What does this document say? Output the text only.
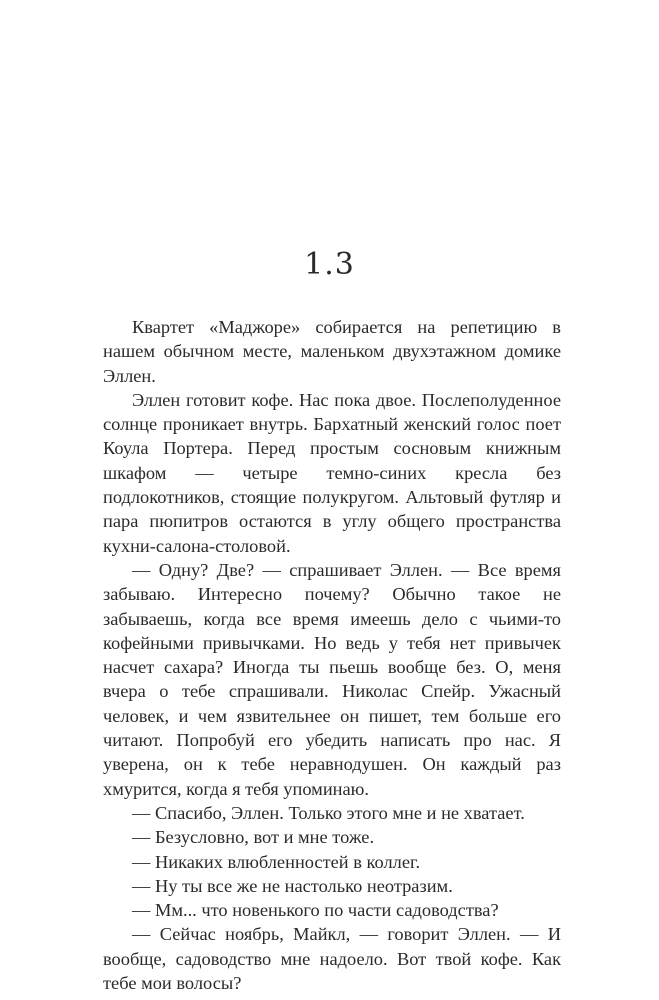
1.3

Квартет «Маджоре» собирается на репетицию в нашем обычном месте, маленьком двухэтажном домике Эллен.

Эллен готовит кофе. Нас пока двое. Послеполуденное солнце проникает внутрь. Бархатный женский голос поет Коула Портера. Перед простым сосновым книжным шкафом — четыре темно-синих кресла без подлокотников, стоящие полукругом. Альтовый футляр и пара пюпитров остаются в углу общего пространства кухни-салона-столовой.

— Одну? Две? — спрашивает Эллен. — Все время забываю. Интересно почему? Обычно такое не забываешь, когда все время имеешь дело с чьими-то кофейными привычками. Но ведь у тебя нет привычек насчет сахара? Иногда ты пьешь вообще без. О, меня вчера о тебе спрашивали. Николас Спейр. Ужасный человек, и чем язвительнее он пишет, тем больше его читают. Попробуй его убедить написать про нас. Я уверена, он к тебе неравнодушен. Он каждый раз хмурится, когда я тебя упоминаю.

— Спасибо, Эллен. Только этого мне и не хватает.

— Безусловно, вот и мне тоже.

— Никаких влюбленностей в коллег.

— Ну ты все же не настолько неотразим.

— Мм... что новенького по части садоводства?

— Сейчас ноябрь, Майкл, — говорит Эллен. — И вообще, садоводство мне надоело. Вот твой кофе. Как тебе мои волосы?
